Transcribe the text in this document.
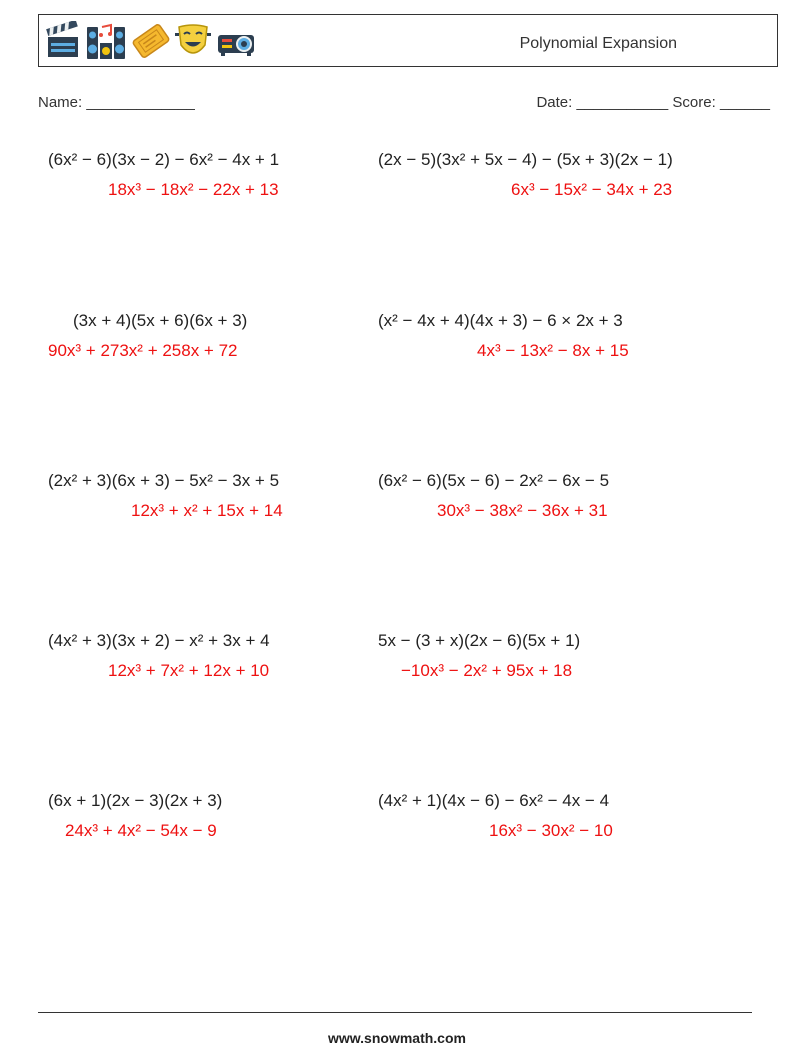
Polynomial Expansion
Name: _____________	Date: ___________ Score: ______
(6x² − 6)(3x − 2) − 6x² − 4x + 1
18x³ − 18x² − 22x + 13
(2x − 5)(3x² + 5x − 4) − (5x + 3)(2x − 1)
6x³ − 15x² − 34x + 23
(3x + 4)(5x + 6)(6x + 3)
90x³ + 273x² + 258x + 72
(x² − 4x + 4)(4x + 3) − 6 × 2x + 3
4x³ − 13x² − 8x + 15
(2x² + 3)(6x + 3) − 5x² − 3x + 5
12x³ + x² + 15x + 14
(6x² − 6)(5x − 6) − 2x² − 6x − 5
30x³ − 38x² − 36x + 31
(4x² + 3)(3x + 2) − x² + 3x + 4
12x³ + 7x² + 12x + 10
5x − (3 + x)(2x − 6)(5x + 1)
−10x³ − 2x² + 95x + 18
(6x + 1)(2x − 3)(2x + 3)
24x³ + 4x² − 54x − 9
(4x² + 1)(4x − 6) − 6x² − 4x − 4
16x³ − 30x² − 10
www.snowmath.com
